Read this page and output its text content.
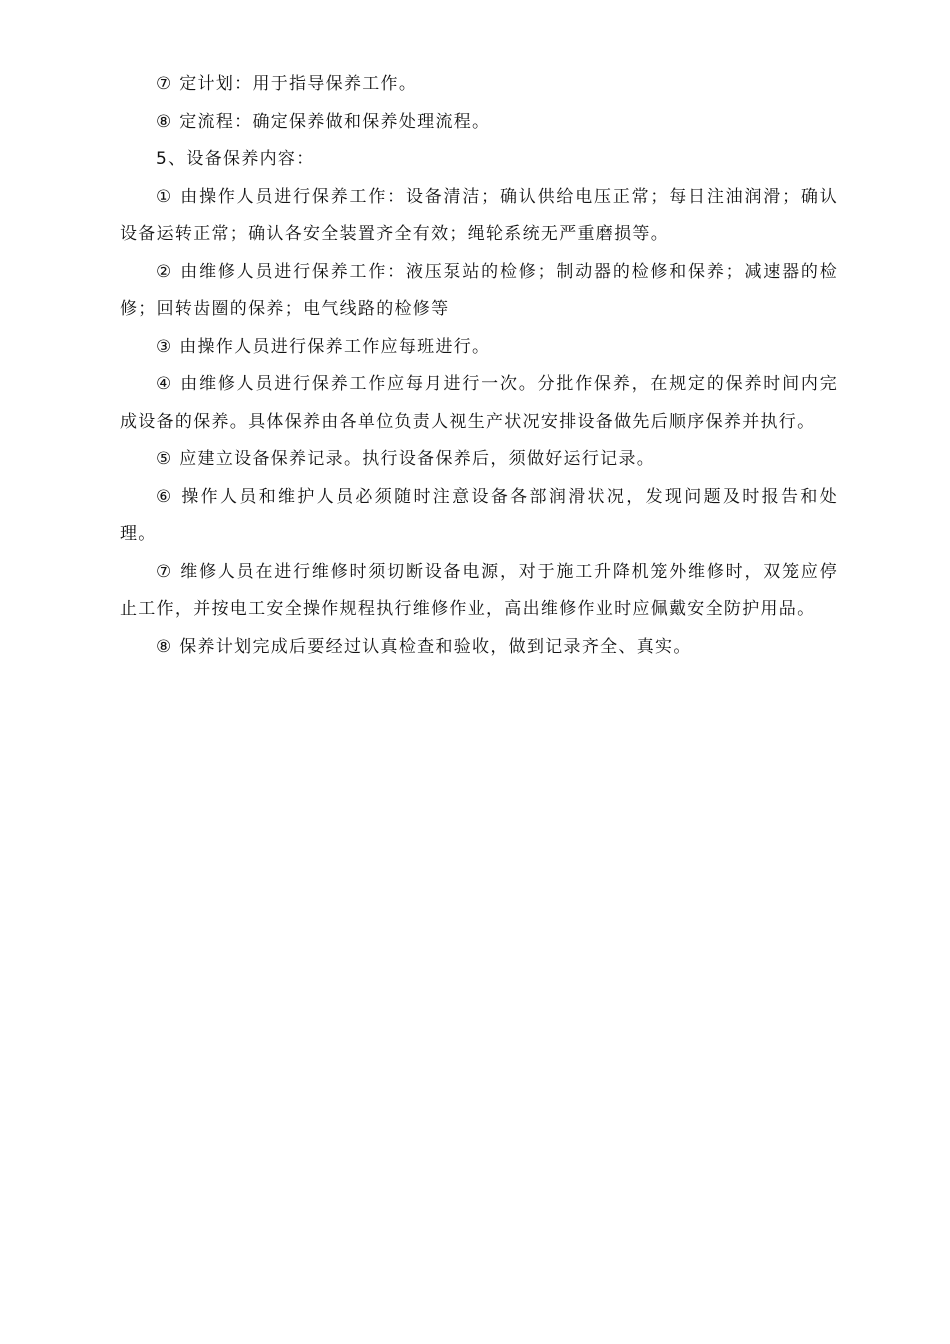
⑦ 定计划：用于指导保养工作。

⑧ 定流程：确定保养做和保养处理流程。

5、设备保养内容：

① 由操作人员进行保养工作：设备清洁；确认供给电压正常；每日注油润滑；确认设备运转正常；确认各安全装置齐全有效；绳轮系统无严重磨损等。

② 由维修人员进行保养工作：液压泵站的检修；制动器的检修和保养；减速器的检修；回转齿圈的保养；电气线路的检修等

③ 由操作人员进行保养工作应每班进行。

④ 由维修人员进行保养工作应每月进行一次。分批作保养，在规定的保养时间内完成设备的保养。具体保养由各单位负责人视生产状况安排设备做先后顺序保养并执行。

⑤ 应建立设备保养记录。执行设备保养后，须做好运行记录。

⑥ 操作人员和维护人员必须随时注意设备各部润滑状况，发现问题及时报告和处理。

⑦ 维修人员在进行维修时须切断设备电源，对于施工升降机笼外维修时，双笼应停止工作，并按电工安全操作规程执行维修作业，高出维修作业时应佩戴安全防护用品。

⑧ 保养计划完成后要经过认真检查和验收，做到记录齐全、真实。
